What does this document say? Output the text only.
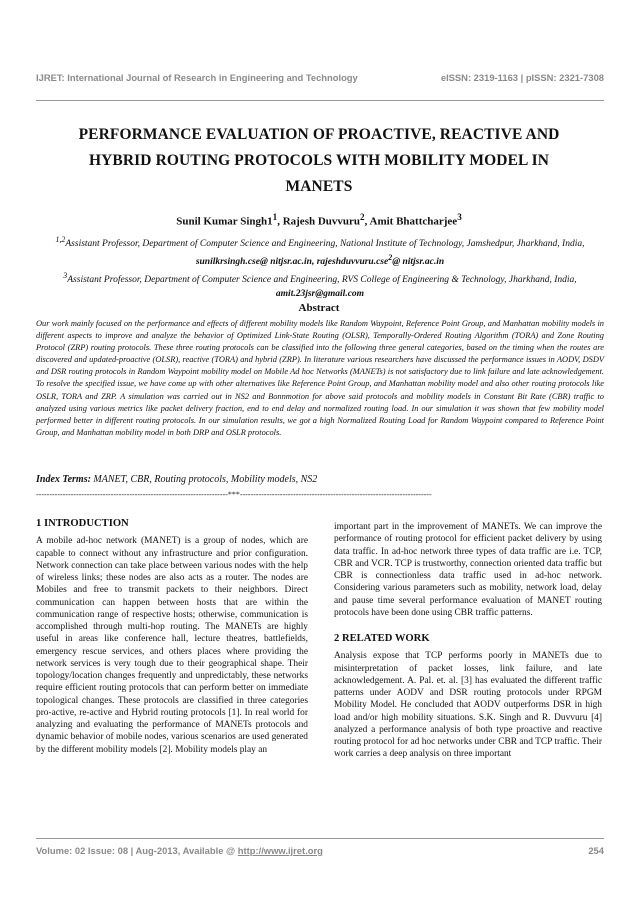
IJRET: International Journal of Research in Engineering and Technology	eISSN: 2319-1163 | pISSN: 2321-7308
PERFORMANCE EVALUATION OF PROACTIVE, REACTIVE AND
HYBRID ROUTING PROTOCOLS WITH MOBILITY MODEL IN
MANETS
Sunil Kumar $Singh1^1$, Rajesh Duvvuru$^2$, Amit Bhattcharjee$^3$
$^{1,2}$Assistant Professor, Department of Computer Science and Engineering, National Institute of Technology, Jamshedpur, Jharkhand, India, sunilkrsingh.cse@ nitjsr.ac.in, rajeshduvvuru.cse$^2$@ nitjsr.ac.in
$^3$Assistant Professor, Department of Computer Science and Engineering, RVS College of Engineering & Technology, Jharkhand, India, amit.23jsr@gmail.com
Abstract
Our work mainly focused on the performance and effects of different mobility models like Random Waypoint, Reference Point Group, and Manhattan mobility models in different aspects to improve and analyze the behavior of Optimized Link-State Routing (OLSR), Temporally-Ordered Routing Algorithm (TORA) and Zone Routing Protocol (ZRP) routing protocols. These three routing protocols can be classified into the following three general categories, based on the timing when the routes are discovered and updated-proactive (OLSR), reactive (TORA) and hybrid (ZRP). In literature various researchers have discussed the performance issues in AODV, DSDV and DSR routing protocols in Random Waypoint mobility model on Mobile Ad hoc Networks (MANETs) is not satisfactory due to link failure and late acknowledgement. To resolve the specified issue, we have come up with other alternatives like Reference Point Group, and Manhattan mobility model and also other routing protocols like OSLR, TORA and ZRP. A simulation was carried out in NS2 and Bonnmotion for above said protocols and mobility models in Constant Bit Rate (CBR) traffic to analyzed using various metrics like packet delivery fraction, end to end delay and normalized routing load. In our simulation it was shown that few mobility model performed better in different routing protocols. In our simulation results, we got a high Normalized Routing Load for Random Waypoint compared to Reference Point Group, and Manhattan mobility model in both DRP and OSLR protocols.
Index Terms: MANET, CBR, Routing protocols, Mobility models, NS2
------------------------------------------------------------------------***------------------------------------------------------------------------
1 INTRODUCTION

A mobile ad-hoc network (MANET) is a group of nodes, which are capable to connect without any infrastructure and prior configuration. Network connection can take place between various nodes with the help of wireless links; these nodes are also acts as a router. The nodes are Mobiles and free to transmit packets to their neighbors. Direct communication can happen between hosts that are within the communication range of respective hosts; otherwise, communication is accomplished through multi-hop routing. The MANETs are highly useful in areas like conference hall, lecture theatres, battlefields, emergency rescue services, and others places where providing the network services is very tough due to their geographical shape. Their topology/location changes frequently and unpredictably, these networks require efficient routing protocols that can perform better on immediate topological changes. These protocols are classified in three categories pro-active, re-active and Hybrid routing protocols [1]. In real world for analyzing and evaluating the performance of MANETs protocols and dynamic behavior of mobile nodes, various scenarios are used generated by the different mobility models [2]. Mobility models play an

important part in the improvement of MANETs. We can improve the performance of routing protocol for efficient packet delivery by using data traffic. In ad-hoc network three types of data traffic are i.e. TCP, CBR and VCR. TCP is trustworthy, connection oriented data traffic but CBR is connectionless data traffic used in ad-hoc network. Considering various parameters such as mobility, network load, delay and pause time several performance evaluation of MANET routing protocols have been done using CBR traffic patterns.

2 RELATED WORK

Analysis expose that TCP performs poorly in MANETs due to misinterpretation of packet losses, link failure, and late acknowledgement. A. Pal. et. al. [3] has evaluated the different traffic patterns under AODV and DSR routing protocols under RPGM Mobility Model. He concluded that AODV outperforms DSR in high load and/or high mobility situations. S.K. Singh and R. Duvvuru [4] analyzed a performance analysis of both type proactive and reactive routing protocol for ad hoc networks under CBR and TCP traffic. Their work carries a deep analysis on three important

Volume: 02 Issue: 08 | Aug-2013, Available @ http://www.ijret.org	254
